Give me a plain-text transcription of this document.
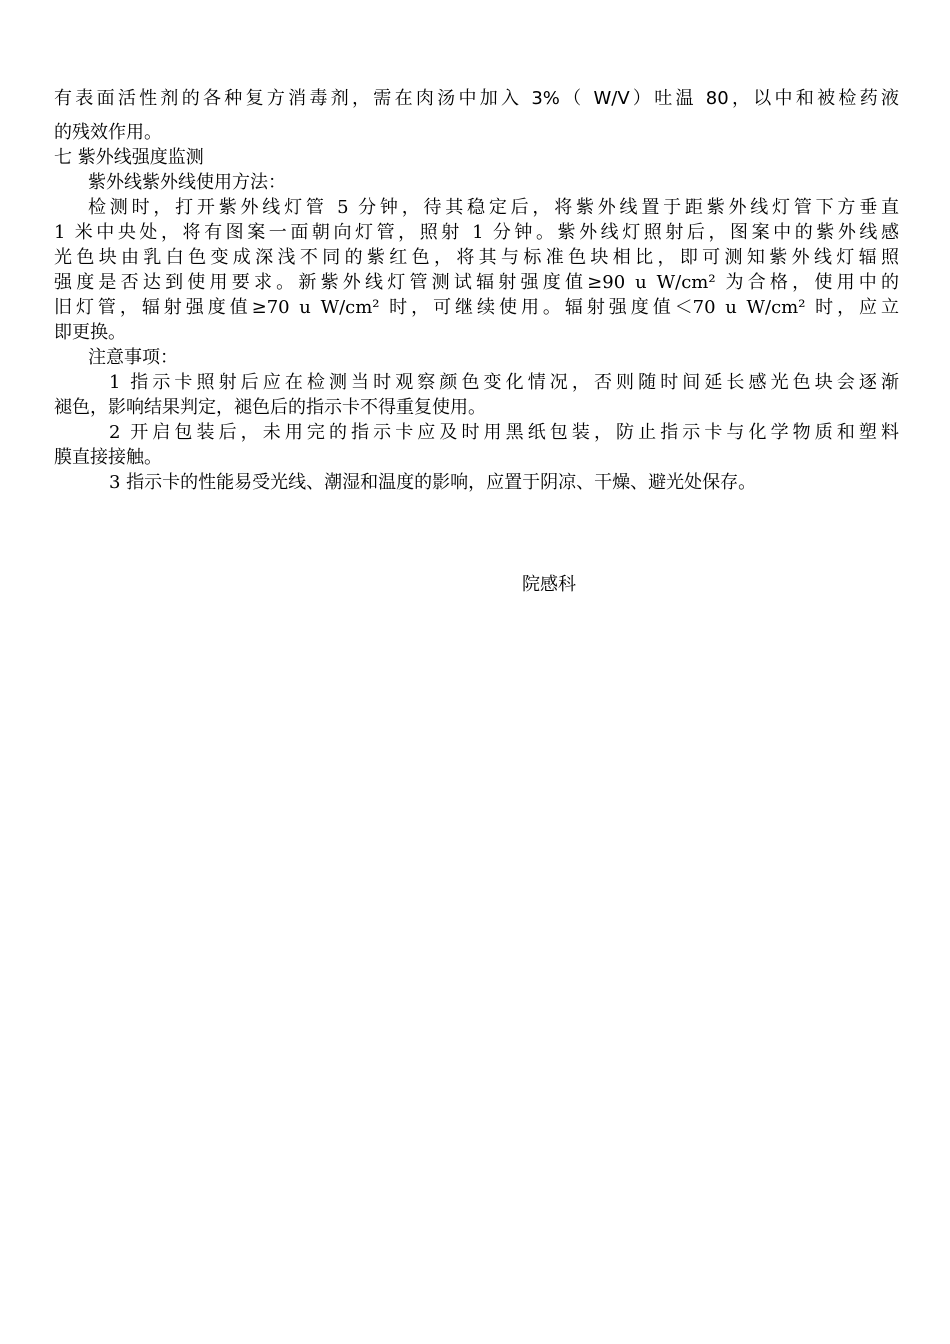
有表面活性剂的各种复方消毒剂，需在肉汤中加入 3%（ W/V）吐温 80，以中和被检药液
的残效作用。
七 紫外线强度监测
紫外线紫外线使用方法：
检测时，打开紫外线灯管 5 分钟，待其稳定后，将紫外线置于距紫外线灯管下方垂直
1 米中央处，将有图案一面朝向灯管，照射 1 分钟。紫外线灯照射后，图案中的紫外线感
光色块由乳白色变成深浅不同的紫红色，将其与标准色块相比，即可测知紫外线灯辐照
强度是否达到使用要求。新紫外线灯管测试辐射强度值≥90 u W/cm² 为合格，使用中的
旧灯管，辐射强度值≥70 u W/cm² 时，可继续使用。辐射强度值＜70 u W/cm² 时，应立
即更换。
注意事项：
1 指示卡照射后应在检测当时观察颜色变化情况，否则随时间延长感光色块会逐渐
褪色，影响结果判定，褪色后的指示卡不得重复使用。
2 开启包装后，未用完的指示卡应及时用黑纸包装，防止指示卡与化学物质和塑料
膜直接接触。
3 指示卡的性能易受光线、潮湿和温度的影响，应置于阴凉、干燥、避光处保存。
院感科
